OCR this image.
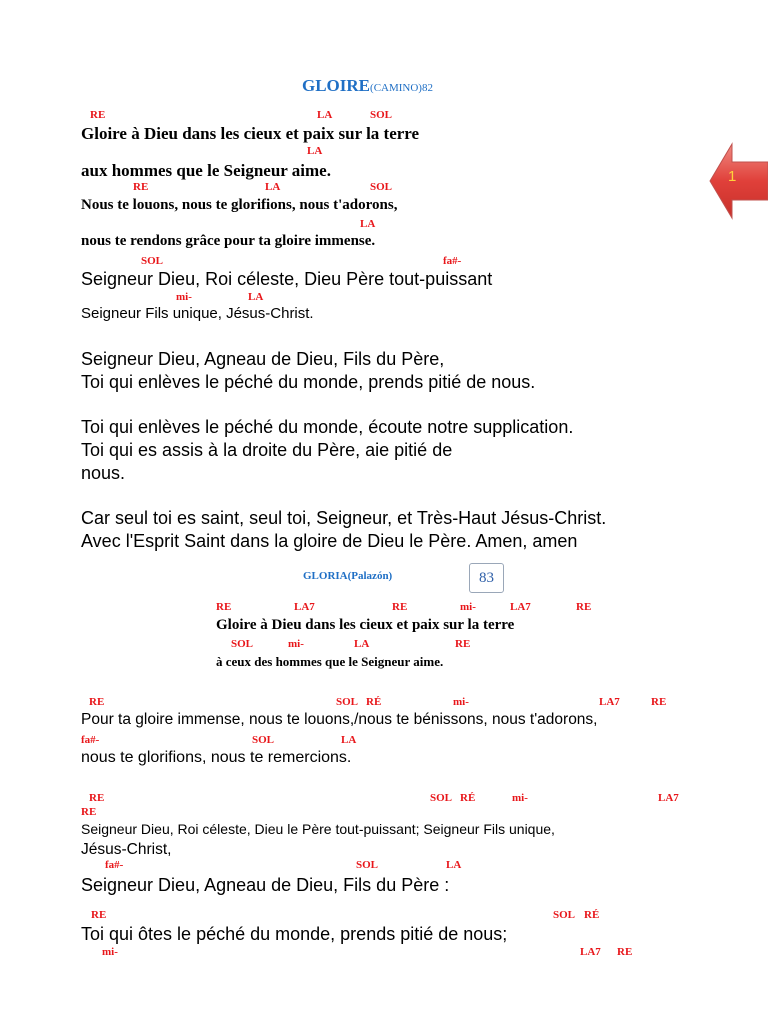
GLOIRE(CAMINO)82
RE	LA	SOL
Gloire à Dieu dans les cieux et paix sur la terre
LA
aux hommes que le Seigneur aime.
RE	LA	SOL
Nous te louons, nous te glorifions, nous t'adorons,
LA
nous te rendons grâce pour ta gloire immense.
SOL	fa#-
Seigneur Dieu, Roi céleste, Dieu Père tout-puissant
mi-	LA
Seigneur Fils unique, Jésus-Christ.
Seigneur Dieu, Agneau de Dieu, Fils du Père,
Toi qui enlèves le péché du monde, prends pitié de nous.
Toi qui enlèves le péché du monde, écoute notre supplication.
Toi qui es assis à la droite du Père, aie pitié de
nous.
Car seul toi es saint, seul toi, Seigneur, et Très-Haut Jésus-Christ.
Avec l'Esprit Saint dans la gloire de Dieu le Père. Amen, amen
1
GLORIA(Palazón)	83
RE	LA7	RE	mi-	LA7	RE
Gloire à Dieu dans les cieux et paix sur la terre
SOL	mi-	LA	RE
à ceux des hommes que le Seigneur aime.
RE	SOL RÉ	mi-	LA7	RE
Pour ta gloire immense, nous te louons,/nous te bénissons, nous t'adorons,
fa#-	SOL	LA
nous te glorifions, nous te remercions.
RE	SOL RÉ	mi-	LA7
RE
Seigneur Dieu, Roi céleste, Dieu le Père tout-puissant; Seigneur Fils unique,
Jésus-Christ,
fa#-	SOL	LA
Seigneur Dieu, Agneau de Dieu, Fils du Père :
RE	SOL RÉ
Toi qui ôtes le péché du monde, prends pitié de nous;
mi-	LA7 RE
